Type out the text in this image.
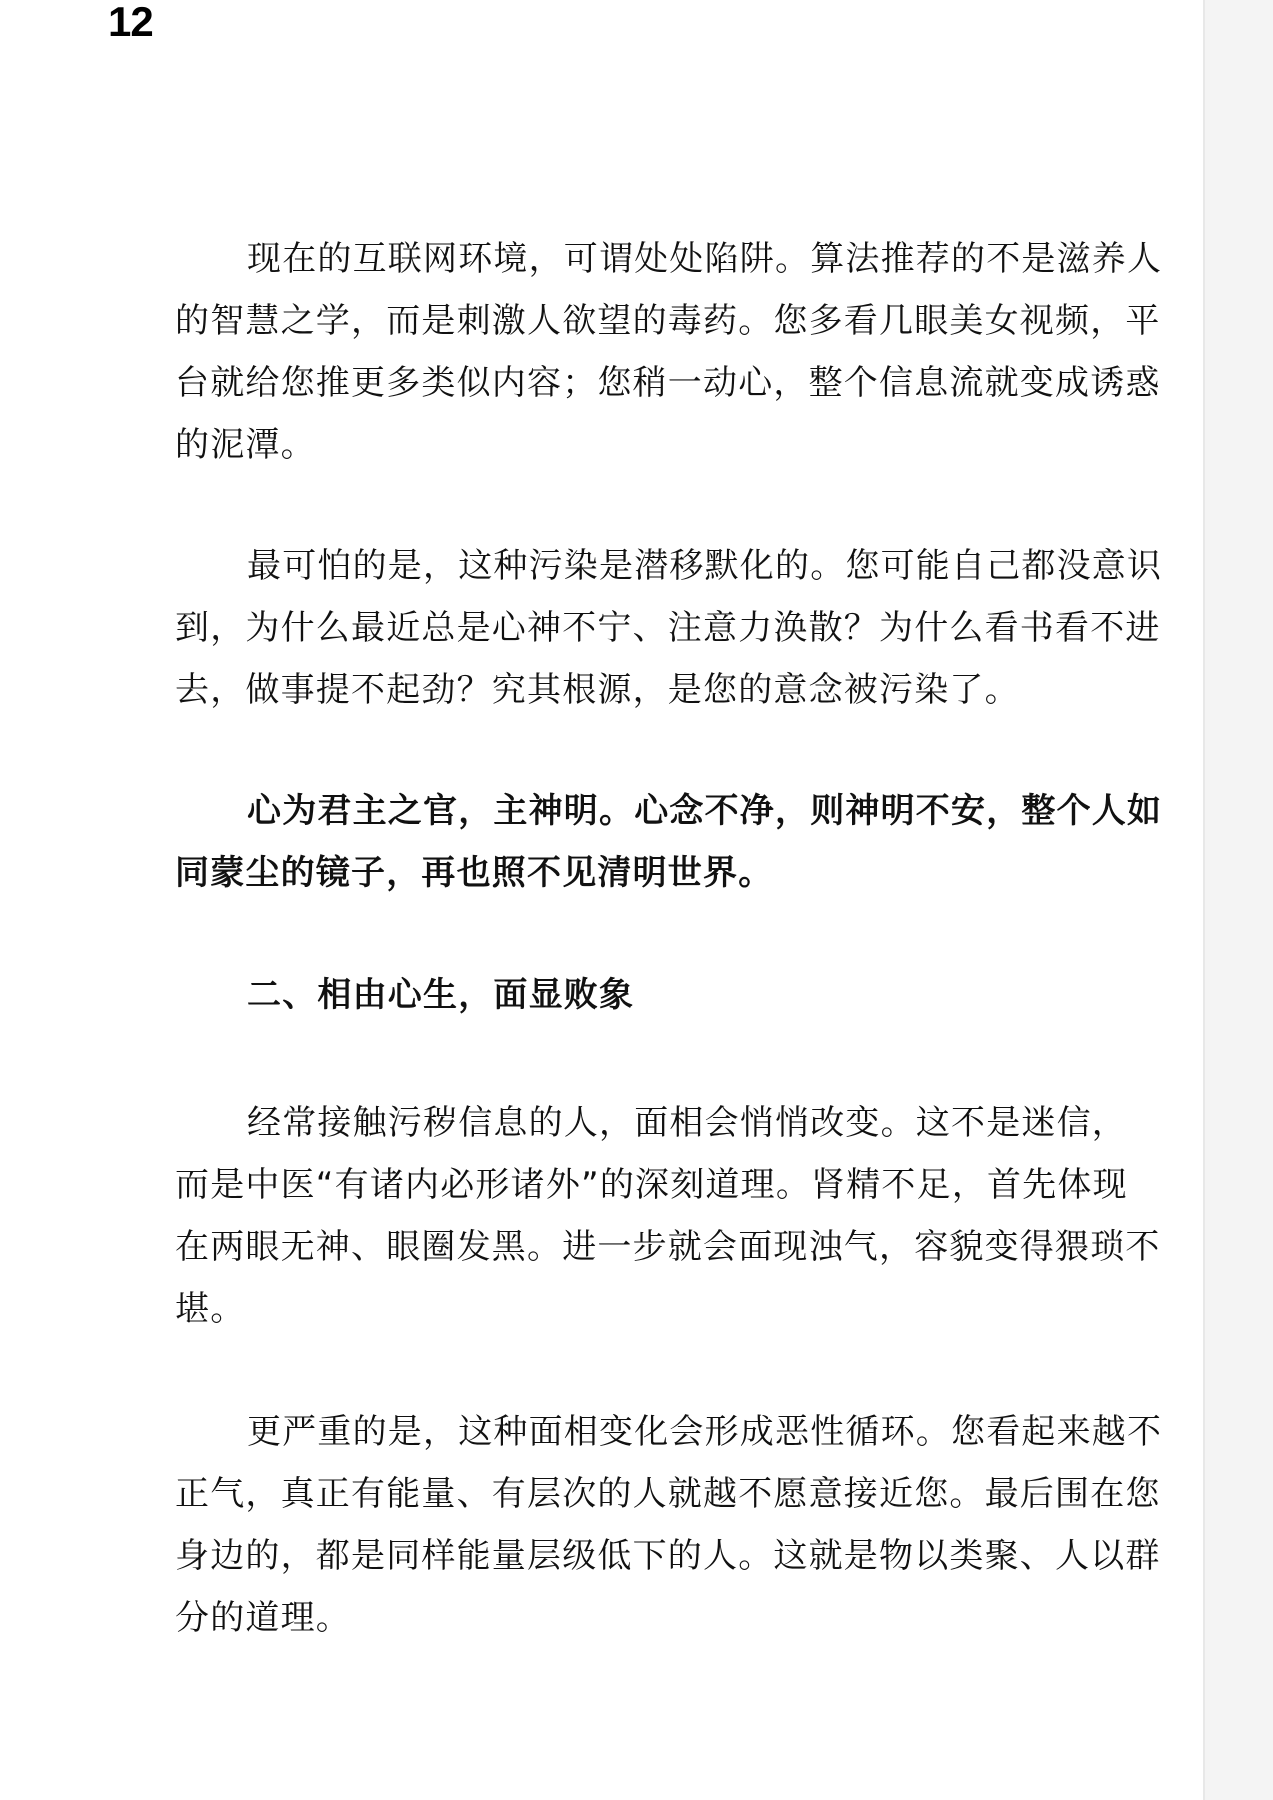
12
现在的互联网环境，可谓处处陷阱。算法推荐的不是滋养人
的智慧之学，而是刺激人欲望的毒药。您多看几眼美女视频，平
台就给您推更多类似内容；您稍一动心，整个信息流就变成诱惑
的泥潭。
最可怕的是，这种污染是潜移默化的。您可能自己都没意识
到，为什么最近总是心神不宁、注意力涣散？为什么看书看不进
去，做事提不起劲？究其根源，是您的意念被污染了。
心为君主之官，主神明。心念不净，则神明不安，整个人如
同蒙尘的镜子，再也照不见清明世界。
二、相由心生，面显败象
经常接触污秽信息的人，面相会悄悄改变。这不是迷信，
而是中医“有诸内必形诸外”的深刻道理。肾精不足，首先体现
在两眼无神、眼圈发黑。进一步就会面现浊气，容貌变得猥琐不
堪。
更严重的是，这种面相变化会形成恶性循环。您看起来越不
正气，真正有能量、有层次的人就越不愿意接近您。最后围在您
身边的，都是同样能量层级低下的人。这就是物以类聚、人以群
分的道理。
